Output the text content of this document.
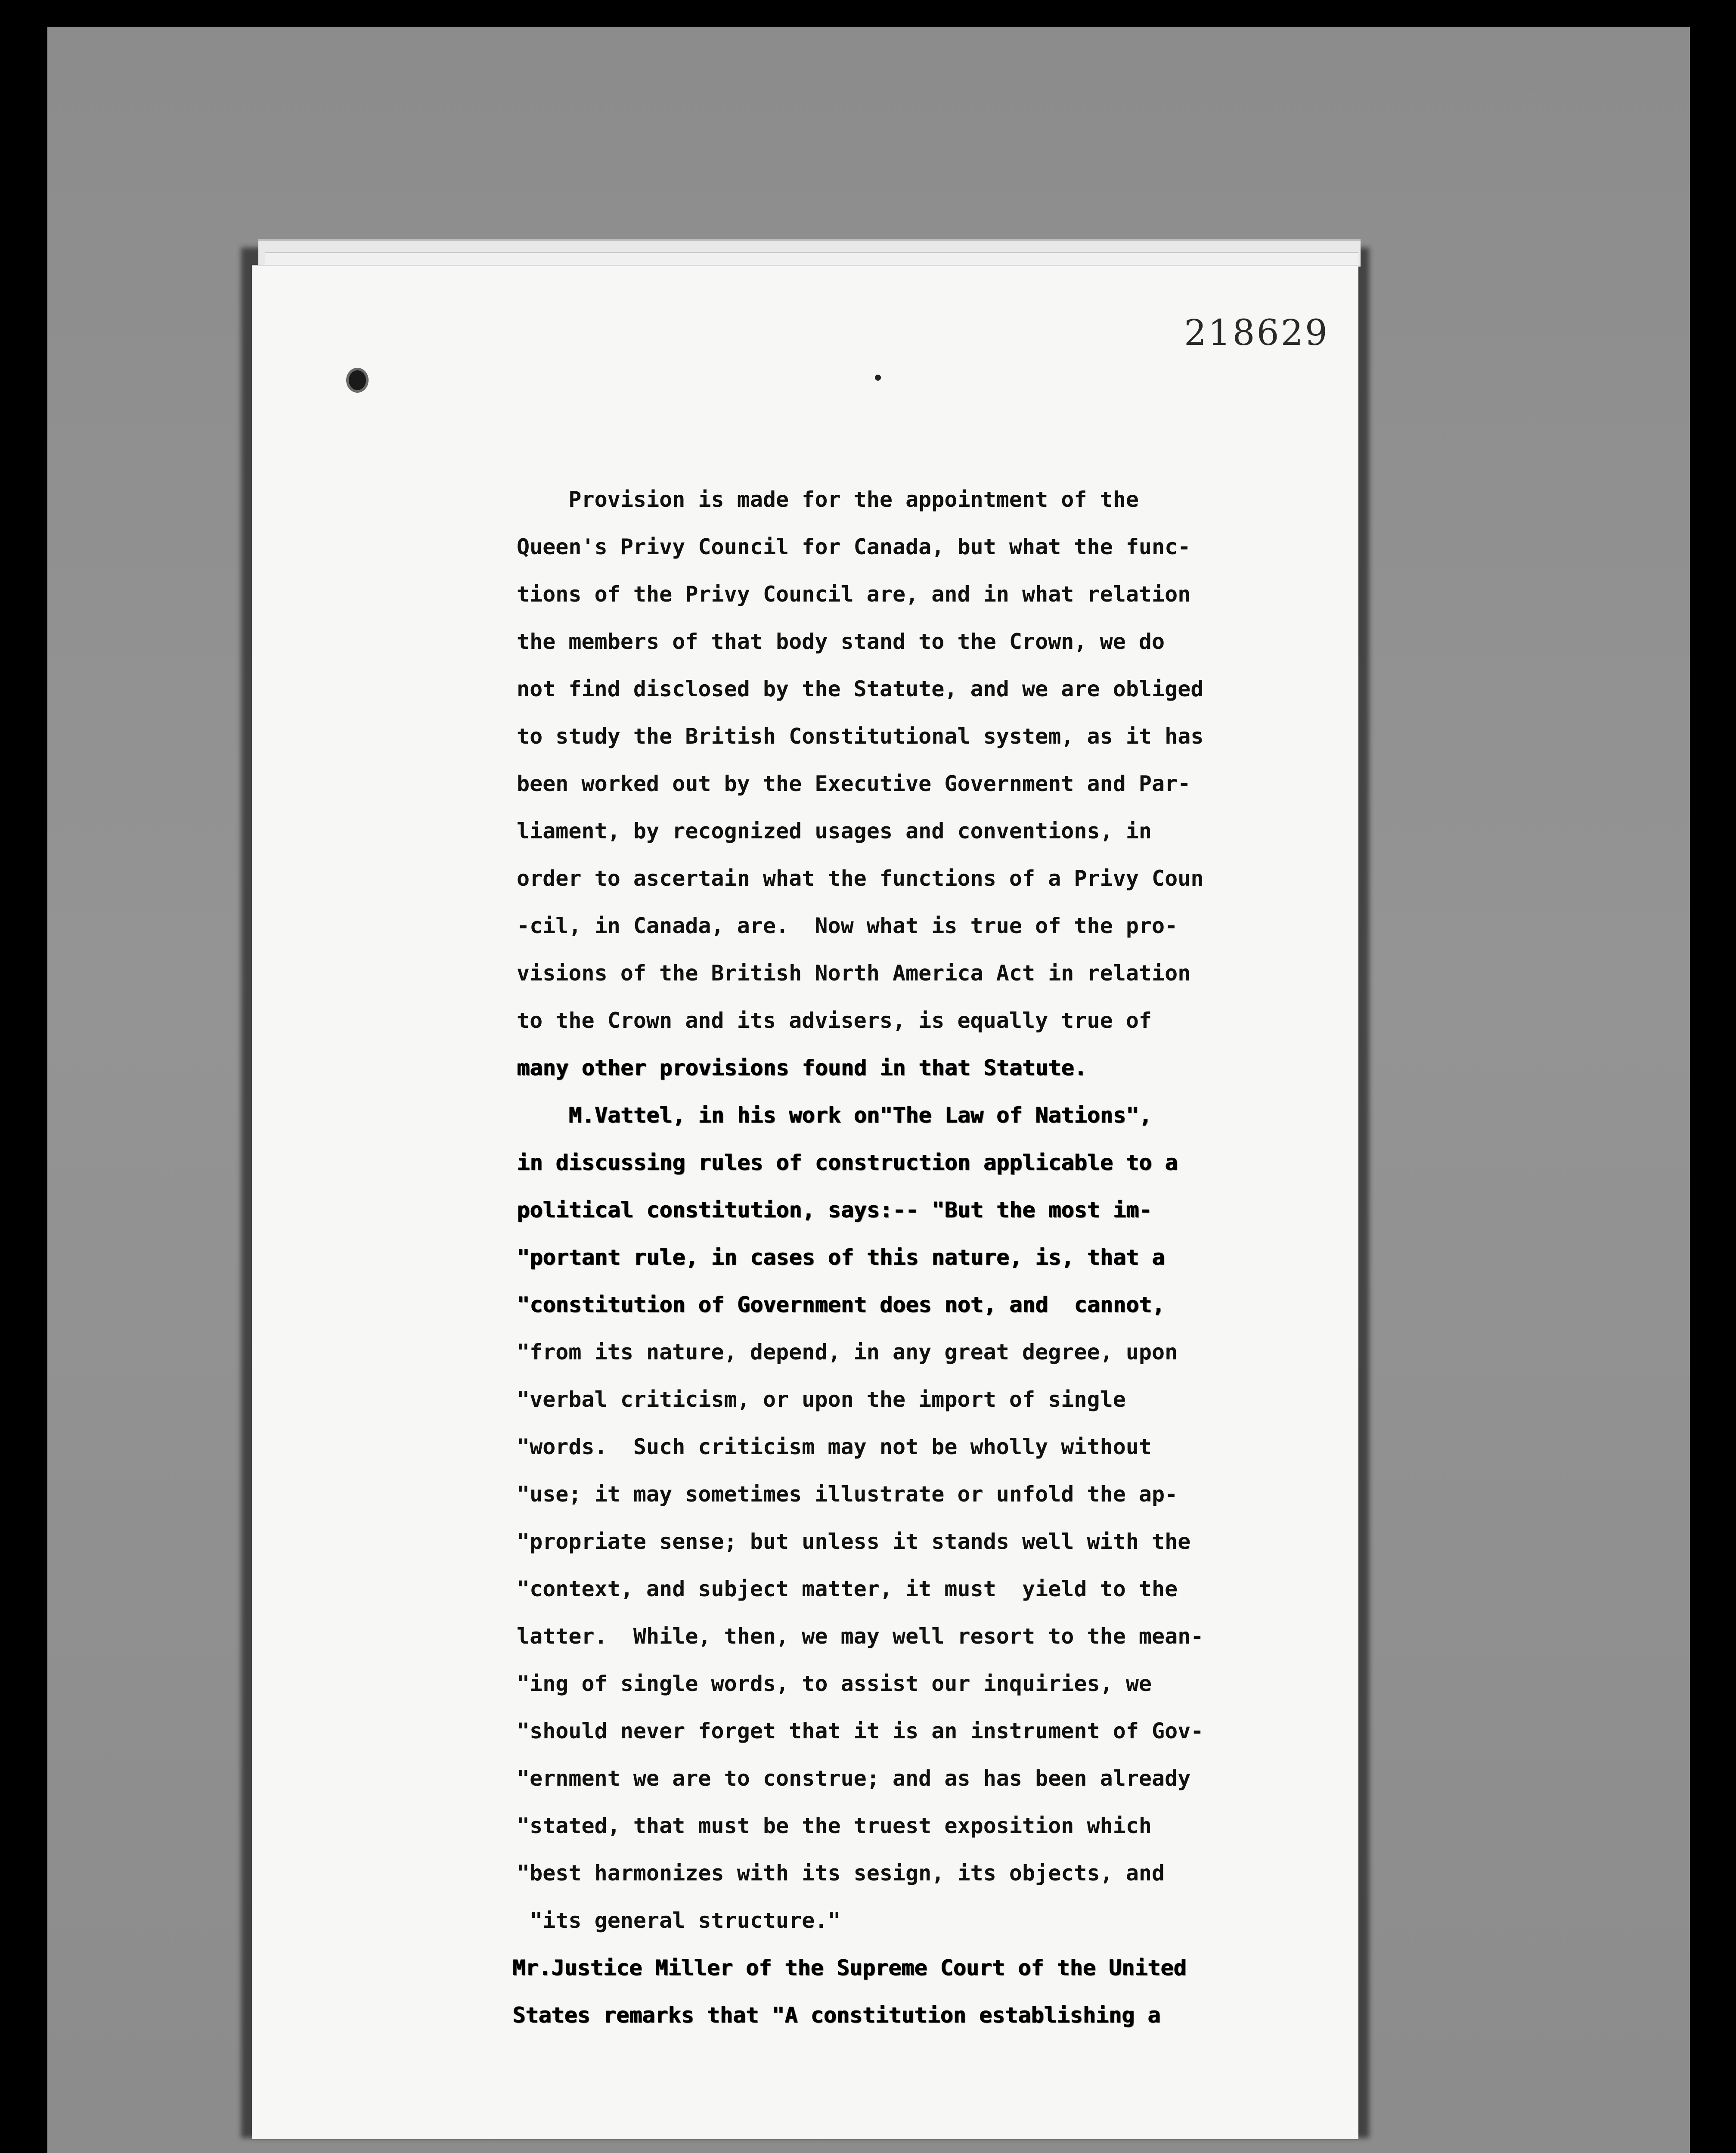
218629
Provision is made for the appointment of the
Queen's Privy Council for Canada, but what the func-
tions of the Privy Council are, and in what relation
the members of that body stand to the Crown, we do
not find disclosed by the Statute, and we are obliged
to study the British Constitutional system, as it has
been worked out by the Executive Government and Par-
liament, by recognized usages and conventions, in
order to ascertain what the functions of a Privy Coun
-cil, in Canada, are.  Now what is true of the pro-
visions of the British North America Act in relation
to the Crown and its advisers, is equally true of
many other provisions found in that Statute.
M.Vattel, in his work on"The Law of Nations",
in discussing rules of construction applicable to a
political constitution, says:-- "But the most im-
"portant rule, in cases of this nature, is, that a
"constitution of Government does not, and  cannot,
"from its nature, depend, in any great degree, upon
"verbal criticism, or upon the import of single
"words.  Such criticism may not be wholly without
"use; it may sometimes illustrate or unfold the ap-
"propriate sense; but unless it stands well with the
"context, and subject matter, it must  yield to the
latter.  While, then, we may well resort to the mean-
"ing of single words, to assist our inquiries, we
"should never forget that it is an instrument of Gov-
"ernment we are to construe; and as has been already
"stated, that must be the truest exposition which
"best harmonizes with its sesign, its objects, and
"its general structure."
Mr.Justice Miller of the Supreme Court of the United
States remarks that "A constitution establishing a
